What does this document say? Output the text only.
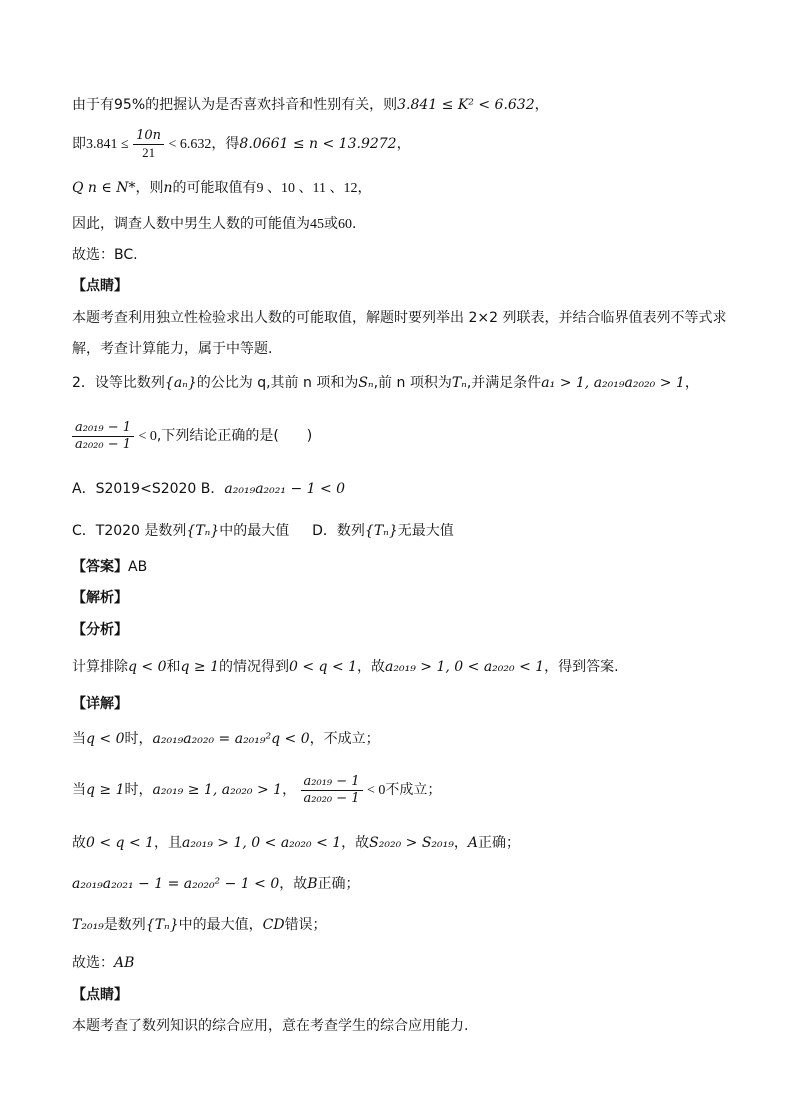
由于有95%的把握认为是否喜欢抖音和性别有关，则3.841 ≤ K² < 6.632，
即$3.841 \le \frac{10n}{21} < 6.632$，得8.0661 ≤ n < 13.9272，
Q n ∈ N*，则n的可能取值有9 、10 、11 、12，
因此，调查人数中男生人数的可能值为45或60.
故选：BC.
【点睛】
本题考查利用独立性检验求出人数的可能取值，解题时要列举出 2×2 列联表，并结合临界值表列不等式求
解，考查计算能力，属于中等题.
2．设等比数列{aₙ}的公比为 q,其前 n 项和为Sₙ,前 n 项积为Tₙ,并满足条件a₁ > 1, a₂₀₁₉a₂₀₂₀ > 1，
$\frac{\text{a₂₀₁₉ − 1}}{\text{a₂₀₂₀ − 1}} < 0$,下列结论正确的是(　　)
A．S2019<S2020 B．a₂₀₁₉a₂₀₂₁ − 1 < 0
C．T2020 是数列{Tₙ}中的最大值 D．数列{Tₙ}无最大值
【答案】AB
【解析】
【分析】
计算排除q < 0和q ≥ 1的情况得到0 < q < 1，故a₂₀₁₉ > 1, 0 < a₂₀₂₀ < 1，得到答案.
【详解】
当q < 0时，a₂₀₁₉a₂₀₂₀ = a₂₀₁₉²q < 0，不成立；
当q ≥ 1时，a₂₀₁₉ ≥ 1, a₂₀₂₀ > 1， $\frac{\text{a₂₀₁₉ − 1}}{\text{a₂₀₂₀ − 1}} < 0$不成立；
故0 < q < 1，且a₂₀₁₉ > 1, 0 < a₂₀₂₀ < 1，故S₂₀₂₀ > S₂₀₁₉，A正确；
a₂₀₁₉a₂₀₂₁ − 1 = a₂₀₂₀² − 1 < 0，故B正确；
T₂₀₁₉是数列{Tₙ}中的最大值，CD错误；
故选：AB
【点睛】
本题考查了数列知识的综合应用，意在考查学生的综合应用能力.
